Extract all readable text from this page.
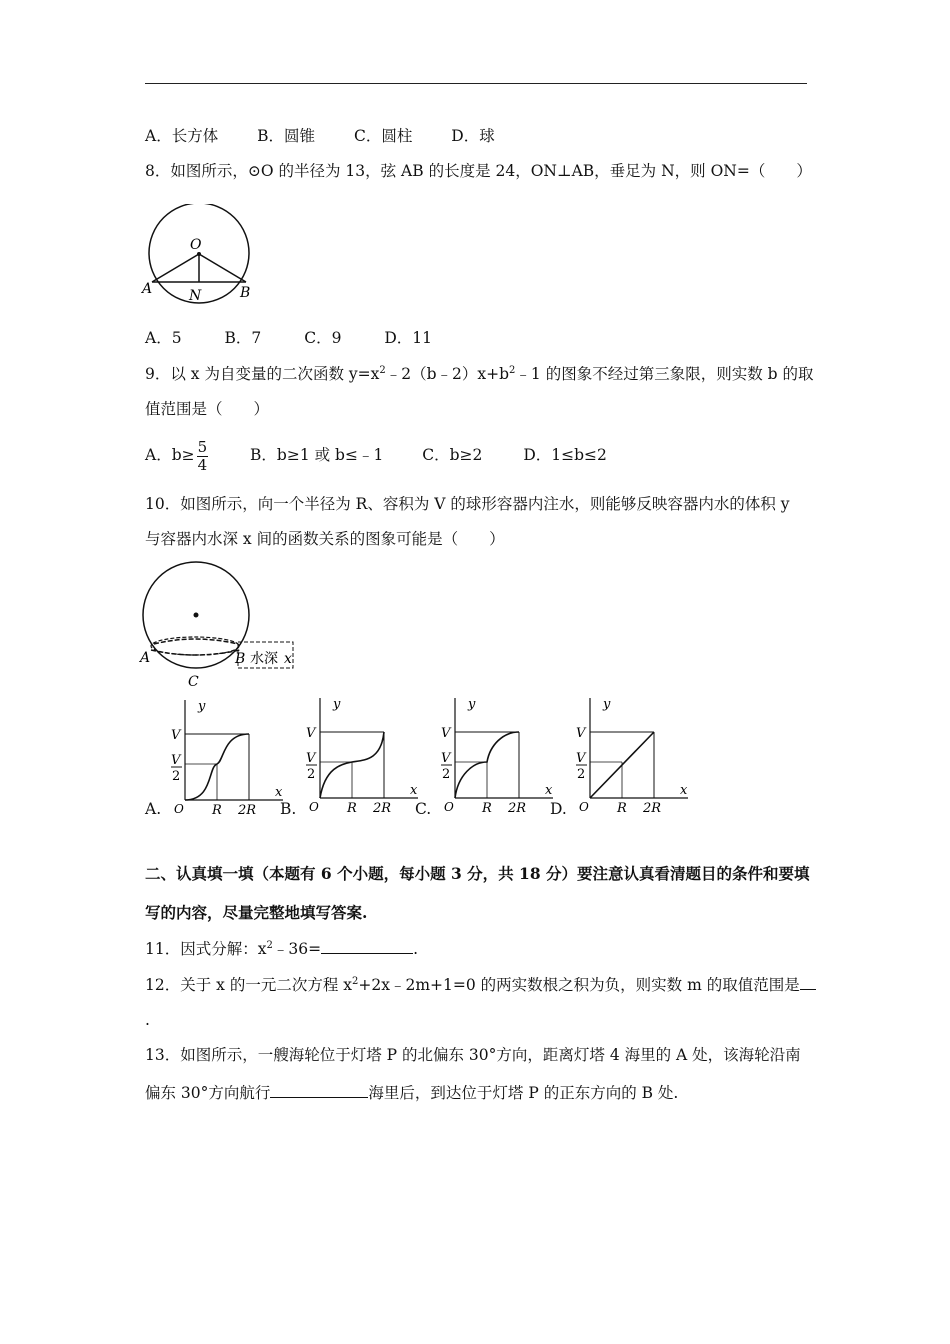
A．长方体	B．圆锥	C．圆柱	D．球
8．如图所示，⊙O 的半径为 13，弦 AB 的长度是 24，ON⊥AB，垂足为 N，则 ON=（　　）
O
A	N	B
A．5	B．7	C．9	D．11
9．以 x 为自变量的二次函数 $y=x^2﹣2(b﹣2)x+b^2﹣1$ 的图象不经过第三象限，则实数 b 的取
值范围是（　　）
A．$b\ge \frac{5}{4}$	B．b≥1 或 b≤﹣1	C．b≥2	D．1≤b≤2
10．如图所示，向一个半径为 R、容积为 V 的球形容器内注水，则能够反映容器内水的体积 y
与容器内水深 x 间的函数关系的图象可能是（　　）
A	B
C
水深 x
y
x
V
V
2
O R 2R
y
x
V
V
2
O R 2R
y
x
V
V
2
O R 2R
y
x
V
V
2
O R 2R
A.	B.	C.	D.
二、认真填一填（本题有 6 个小题，每小题 3 分，共 18 分）要注意认真看清题目的条件和要填
写的内容，尽量完整地填写答案.
11．因式分解：$x^2﹣36=$	.
12．关于 x 的一元二次方程 $x^2+2x﹣2m+1=0$ 的两实数根之积为负，则实数 m 的取值范围是
.
13．如图所示，一艘海轮位于灯塔 P 的北偏东 30°方向，距离灯塔 4 海里的 A 处，该海轮沿南
偏东 30°方向航行	海里后，到达位于灯塔 P 的正东方向的 B 处.
